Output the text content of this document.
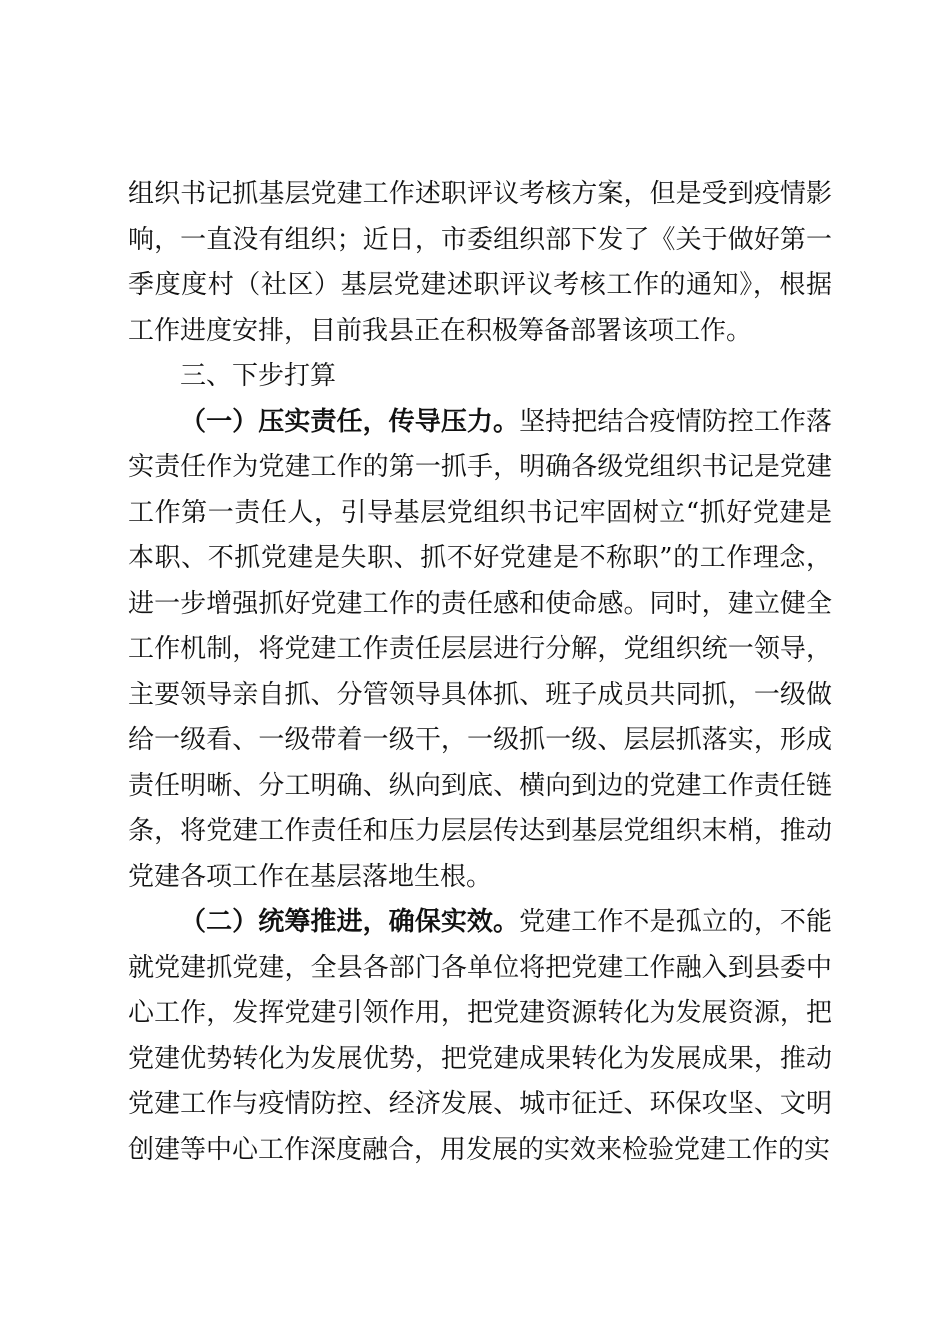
组织书记抓基层党建工作述职评议考核方案，但是受到疫情影响，一直没有组织；近日，市委组织部下发了《关于做好第一季度度村（社区）基层党建述职评议考核工作的通知》，根据工作进度安排，目前我县正在积极筹备部署该项工作。

三、下步打算

（一）压实责任，传导压力。坚持把结合疫情防控工作落实责任作为党建工作的第一抓手，明确各级党组织书记是党建工作第一责任人，引导基层党组织书记牢固树立“抓好党建是本职、不抓党建是失职、抓不好党建是不称职”的工作理念，进一步增强抓好党建工作的责任感和使命感。同时，建立健全工作机制，将党建工作责任层层进行分解，党组织统一领导，主要领导亲自抓、分管领导具体抓、班子成员共同抓，一级做给一级看、一级带着一级干，一级抓一级、层层抓落实，形成责任明晰、分工明确、纵向到底、横向到边的党建工作责任链条，将党建工作责任和压力层层传达到基层党组织末梢，推动党建各项工作在基层落地生根。

（二）统筹推进，确保实效。党建工作不是孤立的，不能就党建抓党建，全县各部门各单位将把党建工作融入到县委中心工作，发挥党建引领作用，把党建资源转化为发展资源，把党建优势转化为发展优势，把党建成果转化为发展成果，推动党建工作与疫情防控、经济发展、城市征迁、环保攻坚、文明创建等中心工作深度融合，用发展的实效来检验党建工作的实
